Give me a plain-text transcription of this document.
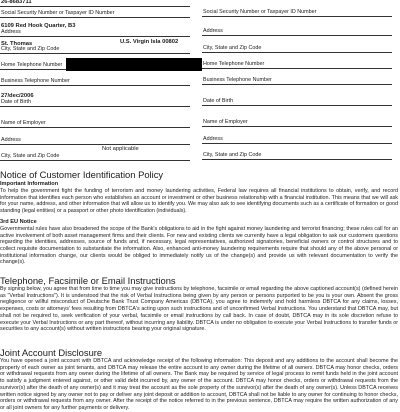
26-8683711
Social Security Number or Taxpayer ID Number
6109 Red Hook Quarter, B3
Address
St. Thomas	U.S. Virgin Isla 00802
City, State and Zip Code
Home Telephone Number
Business Telephone Number
27/dec/2006
Date of Birth
Name of Employer
Address
Not applicable
City, State and Zip Code
Social Security Number or Taxpayer ID Number
Address
City, State and Zip Code
Home Telephone Number
Business Telephone Number
Date of Birth
Name of Employer
Address
City, State and Zip Code
Notice of Customer Identification Policy
Important Information

To help the government fight the funding of terrorism and money laundering activities, Federal law requires all financial institutions to obtain, verify, and record information that identifies each person who establishes an account or investment or other business relationship with a financial institution. This means that we will ask for your name, address, and other information that will allow us to identify you. We may also ask to see identifying documents such as a certificate of formation or good standing (legal entities) or a passport or other photo identification (individuals).

3rd EU Notice

Governmental rules have also broadened the scope of the Bank's obligations to aid in the fight against money laundering and terrorist financing; these rules call for an active involvement of both asset management firms and their clients. For new and existing clients we currently have a legal obligation to ask our customers questions regarding the identities, addresses, source of funds and, if necessary, legal representatives, authorized signatories, beneficial owners or control structures and to collect requisite documentation to substantiate the information. Also, enhanced anti-money laundering requirements require that should any of the above personal or institutional information change, our clients would be obliged to immediately notify us of the change(s) and provide us with relevant documentation to verify the change(s).

Telephone, Facsimile or Email Instructions

By signing below, you agree that from time to time you may give instructions by telephone, facsimile or email regarding the above captioned account(s) (defined herein as "Verbal Instructions"). It is understood that the risk of Verbal Instructions being given by any person or persons purported to be you is your own. Absent the gross negligence or willful misconduct of Deutsche Bank Trust Company Americas (DBTCA), you agree to indemnify and hold harmless DBTCA for any claims, losses, expenses, costs or attorneys' fees resulting from DBTCA's acting upon such instructions and of unconfirmed Verbal Instructions. You understand that DBTCA may, but shall not be required to, seek verification of your verbal, facsimile or email instructions by call back. In case of doubt, DBTCA may in its sole discretion refuse to execute your Verbal Instructions or any part thereof, without incurring any liability. DBTCA is under no obligation to execute your Verbal Instructions to transfer funds or securities to any account(s) without written instructions bearing your original signature.

Joint Account Disclosure

You have opened a joint account with DBTCA and acknowledge receipt of the following information: This deposit and any additions to the account shall become the property of each owner as joint tenants, and DBTCA may release the entire account to any owner during the lifetime of all owners. DBTCA may honor checks, orders or withdrawal requests from any owner during the lifetime of all owners. The Bank may be required by service of legal process to remit funds held in the joint account to satisfy a judgment entered against, or other valid debt incurred by, any owner of the account. DBTCA may honor checks, orders or withdrawal requests from the survivor(s) after the death of any owner(s) and it may treat the account as the sole property of the survivor(s) after the death of any owner(s). Unless DBTCA receives written notice signed by any owner not to pay or deliver any joint deposit or addition to account, DBTCA shall not be liable to any owner for continuing to honor checks, orders or withdrawal requests from any owner. After the receipt of the notice referred to in the previous sentence, DBTCA may require the written authorization of any or all joint owners for any further payments or delivery.
